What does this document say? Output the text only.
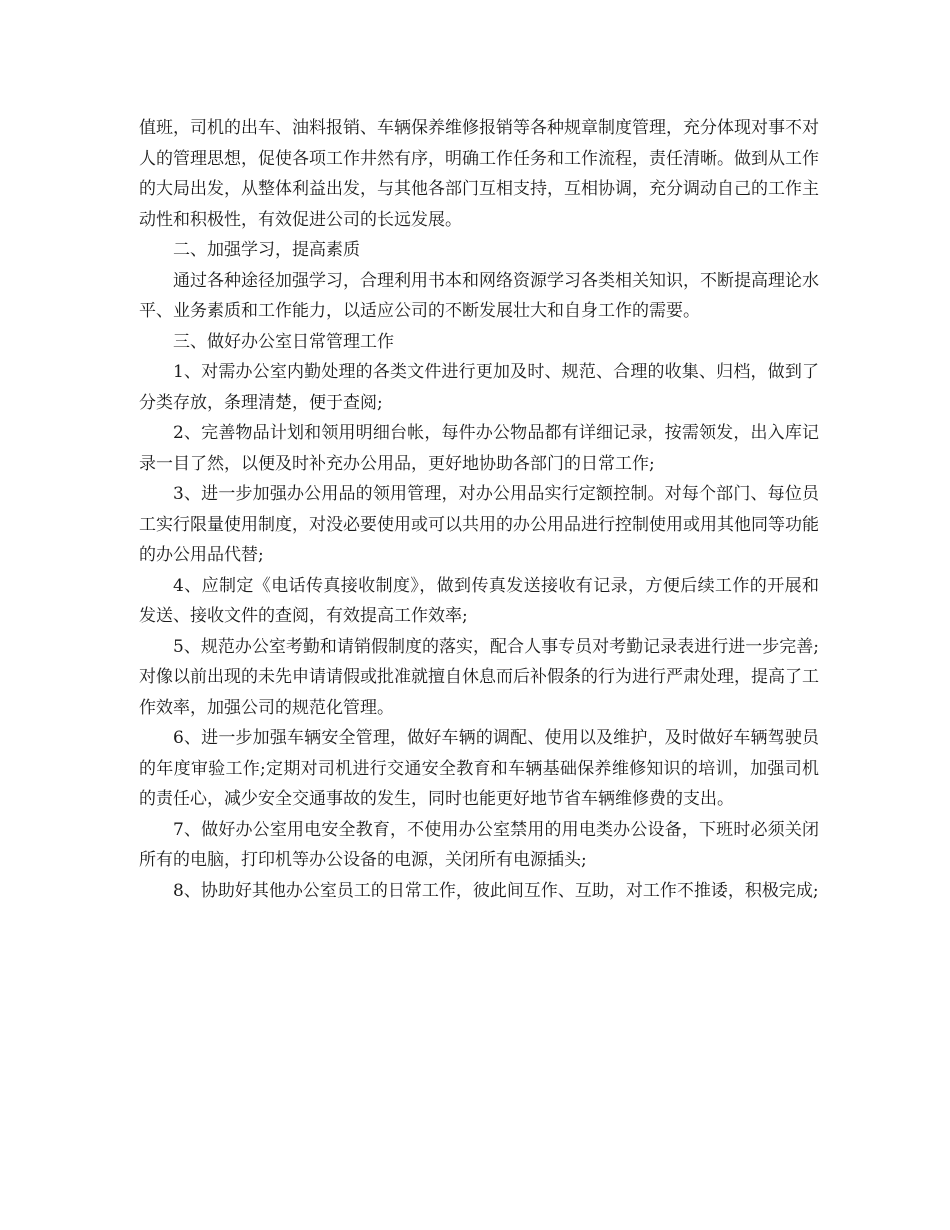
值班，司机的出车、油料报销、车辆保养维修报销等各种规章制度管理，充分体现对事不对人的管理思想，促使各项工作井然有序，明确工作任务和工作流程，责任清晰。做到从工作的大局出发，从整体利益出发，与其他各部门互相支持，互相协调，充分调动自己的工作主动性和积极性，有效促进公司的长远发展。

二、加强学习，提高素质

通过各种途径加强学习，合理利用书本和网络资源学习各类相关知识，不断提高理论水平、业务素质和工作能力，以适应公司的不断发展壮大和自身工作的需要。

三、做好办公室日常管理工作

1、对需办公室内勤处理的各类文件进行更加及时、规范、合理的收集、归档，做到了分类存放，条理清楚，便于查阅;

2、完善物品计划和领用明细台帐，每件办公物品都有详细记录，按需领发，出入库记录一目了然，以便及时补充办公用品，更好地协助各部门的日常工作;

3、进一步加强办公用品的领用管理，对办公用品实行定额控制。对每个部门、每位员工实行限量使用制度，对没必要使用或可以共用的办公用品进行控制使用或用其他同等功能的办公用品代替;

4、应制定《电话传真接收制度》，做到传真发送接收有记录，方便后续工作的开展和发送、接收文件的查阅，有效提高工作效率;

5、规范办公室考勤和请销假制度的落实，配合人事专员对考勤记录表进行进一步完善;对像以前出现的未先申请请假或批准就擅自休息而后补假条的行为进行严肃处理，提高了工作效率，加强公司的规范化管理。

6、进一步加强车辆安全管理，做好车辆的调配、使用以及维护，及时做好车辆驾驶员的年度审验工作;定期对司机进行交通安全教育和车辆基础保养维修知识的培训，加强司机的责任心，减少安全交通事故的发生，同时也能更好地节省车辆维修费的支出。

7、做好办公室用电安全教育，不使用办公室禁用的用电类办公设备，下班时必须关闭所有的电脑，打印机等办公设备的电源，关闭所有电源插头;

8、协助好其他办公室员工的日常工作，彼此间互作、互助，对工作不推诿，积极完成;
